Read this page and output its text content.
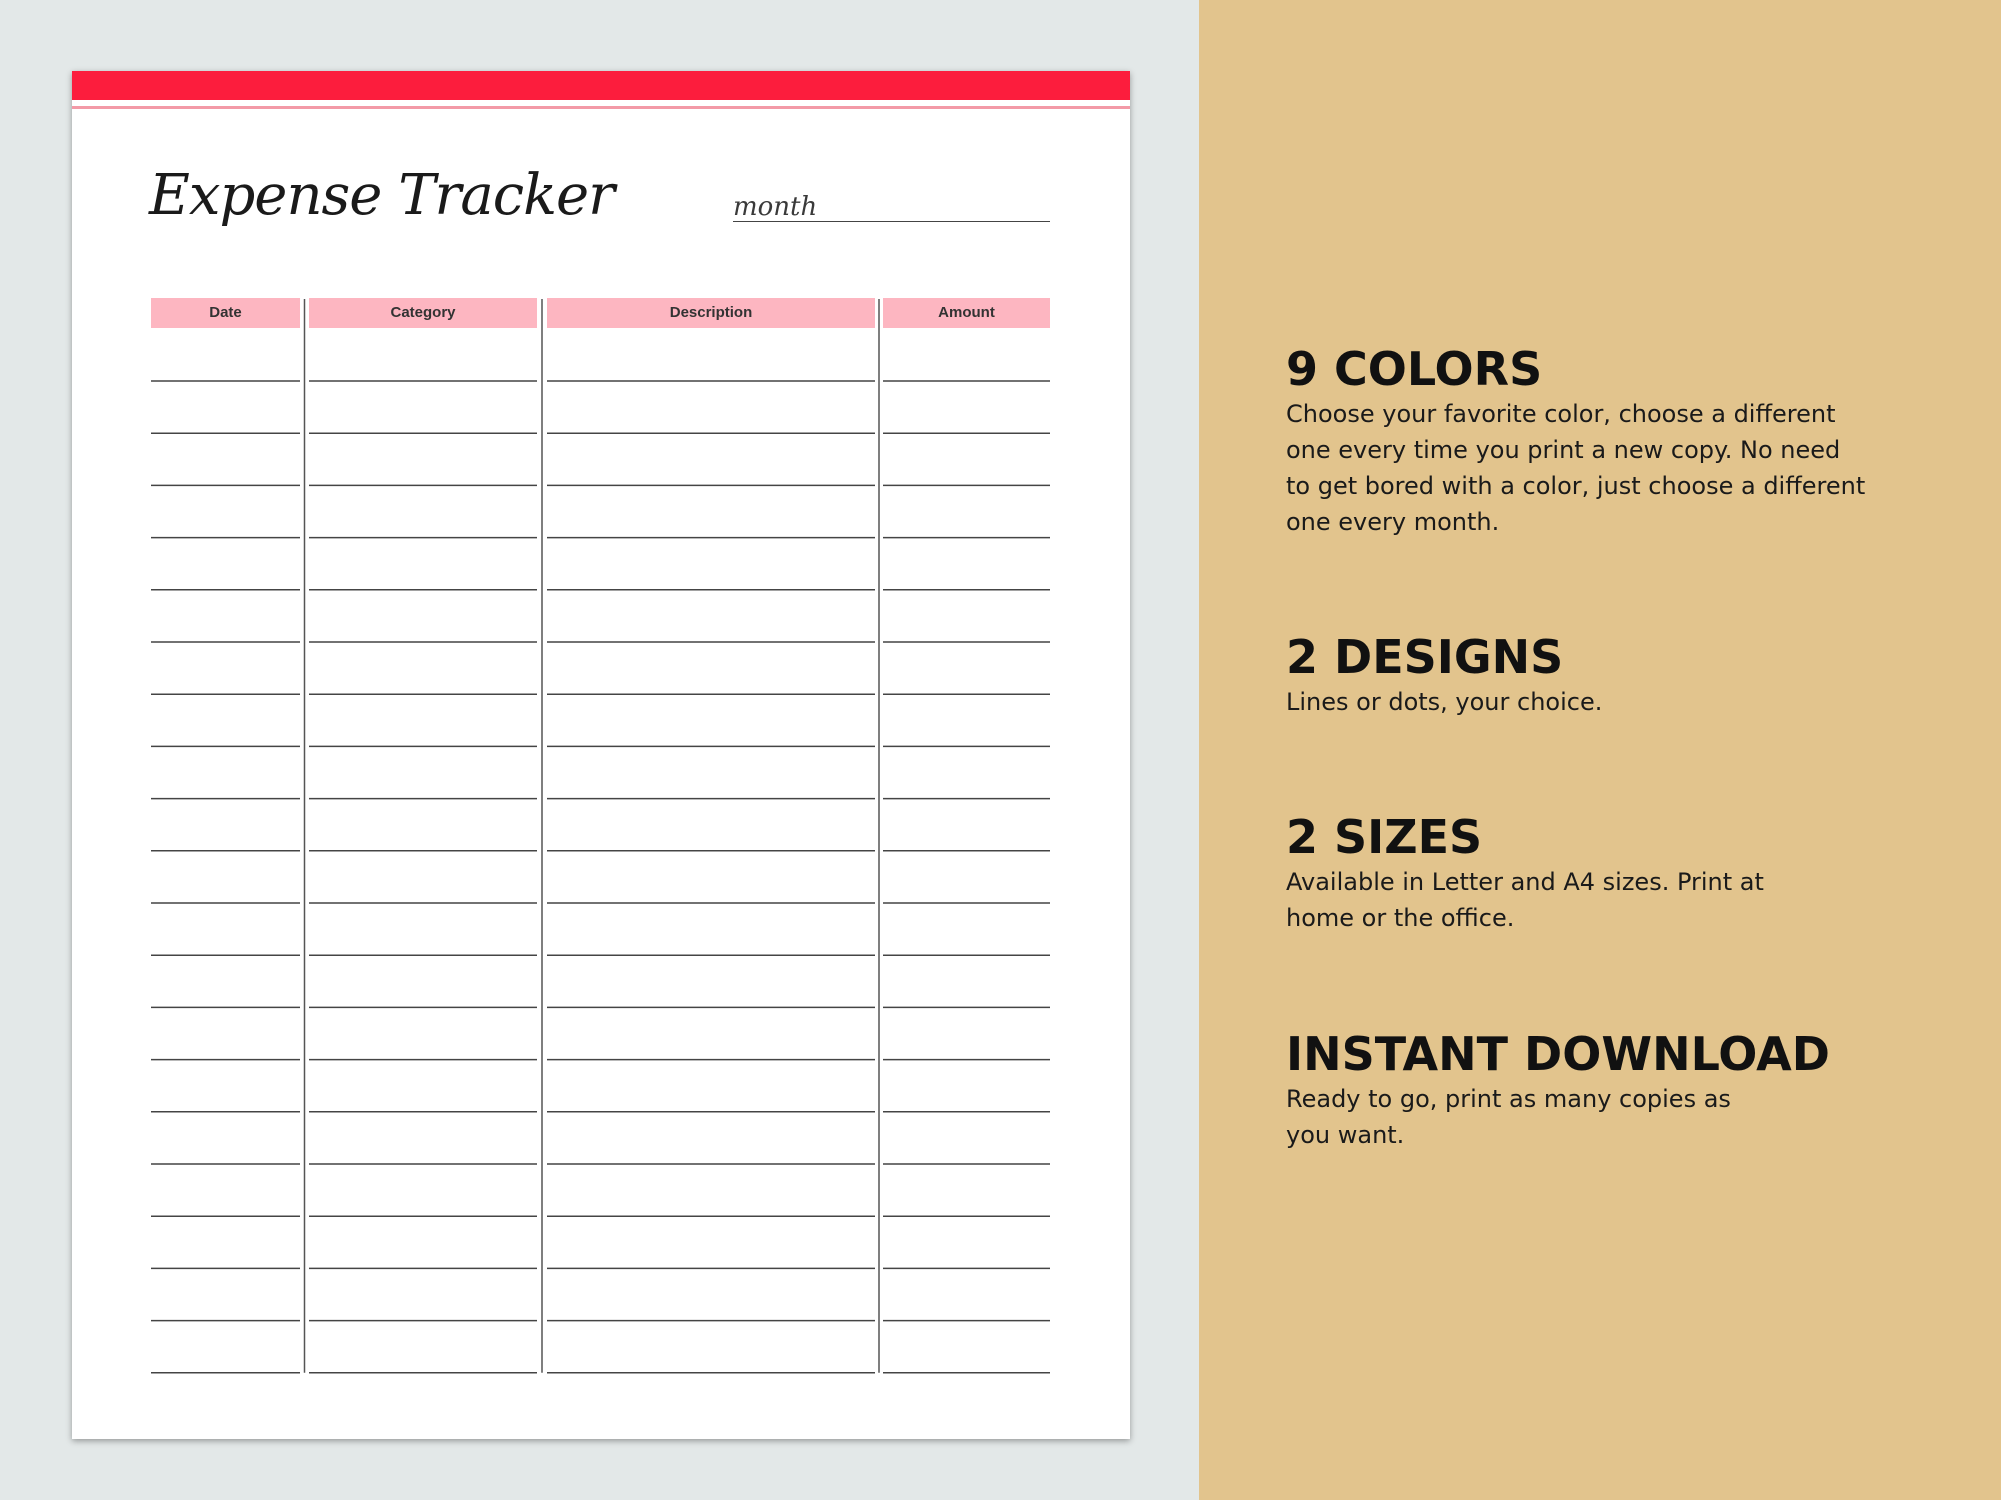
Expense Tracker	month
Date	Category	Description	Amount
9 COLORS

Choose your favorite color, choose a different

one every time you print a new copy. No need

to get bored with a color, just choose a different

one every month.

2 DESIGNS

Lines or dots, your choice.

2 SIZES

Available in Letter and A4 sizes. Print at

home or the office.

INSTANT DOWNLOAD

Ready to go, print as many copies as

you want.
